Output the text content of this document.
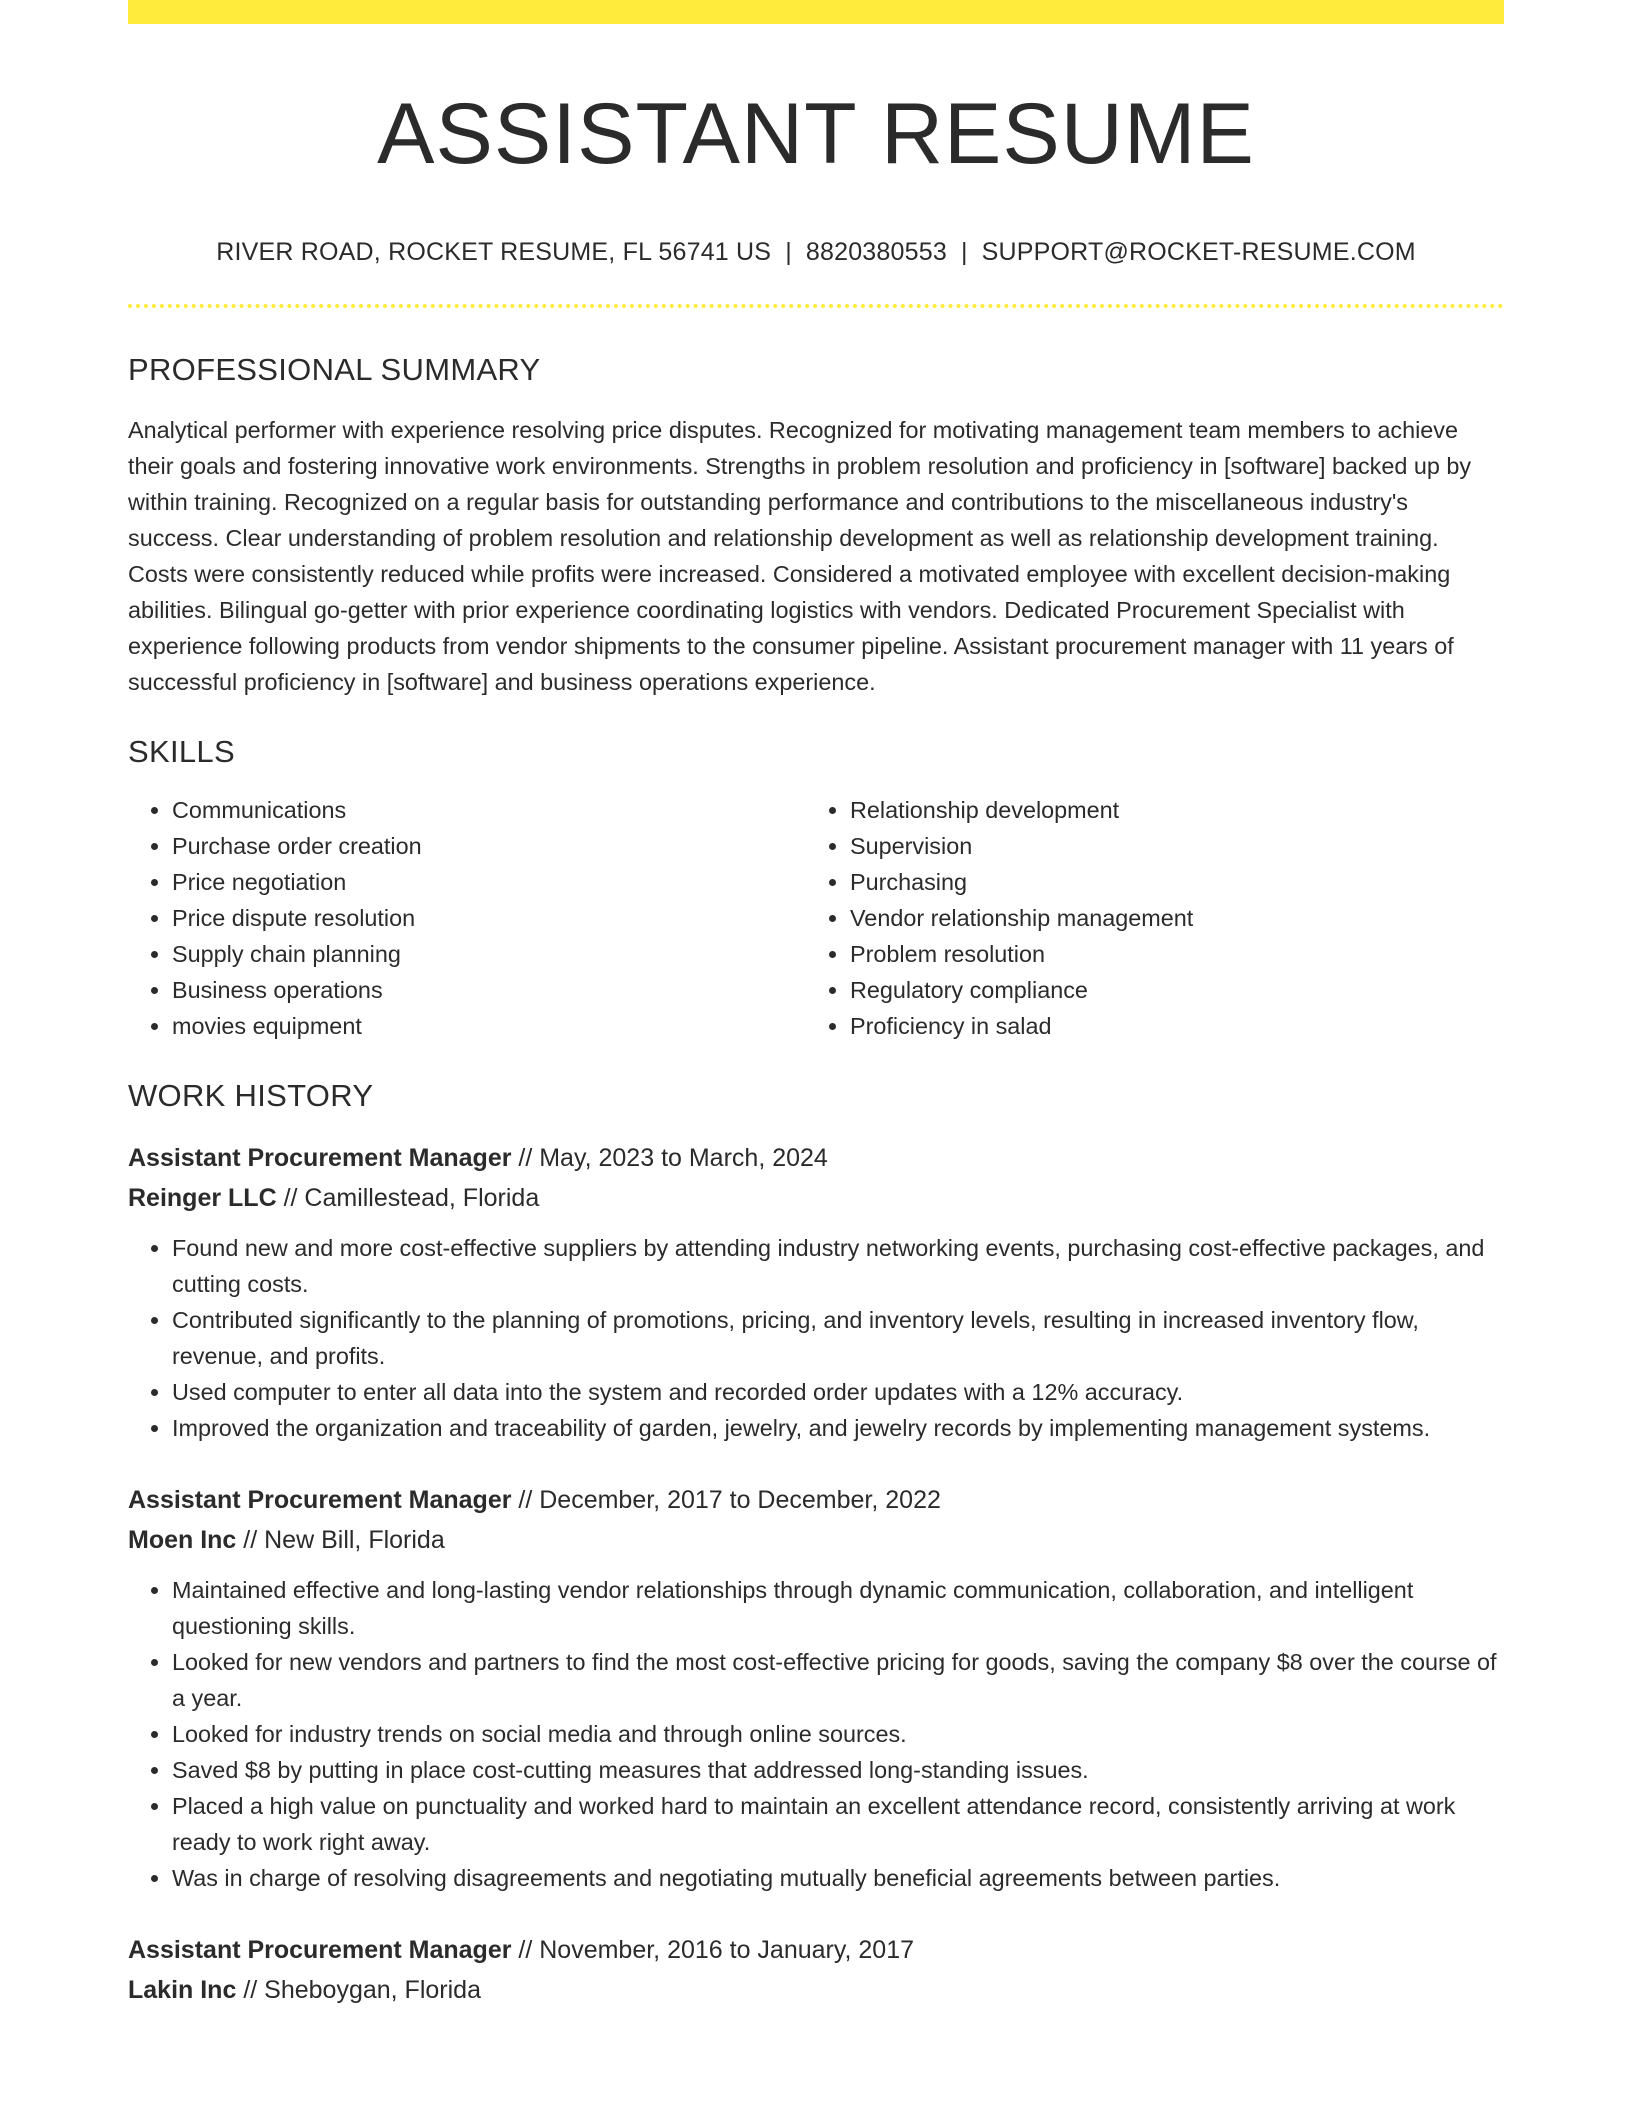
ASSISTANT RESUME
RIVER ROAD, ROCKET RESUME, FL 56741 US | 8820380553 | SUPPORT@ROCKET-RESUME.COM
PROFESSIONAL SUMMARY

Analytical performer with experience resolving price disputes. Recognized for motivating management team members to achieve their goals and fostering innovative work environments. Strengths in problem resolution and proficiency in [software] backed up by within training. Recognized on a regular basis for outstanding performance and contributions to the miscellaneous industry's success. Clear understanding of problem resolution and relationship development as well as relationship development training. Costs were consistently reduced while profits were increased. Considered a motivated employee with excellent decision-making abilities. Bilingual go-getter with prior experience coordinating logistics with vendors. Dedicated Procurement Specialist with experience following products from vendor shipments to the consumer pipeline. Assistant procurement manager with 11 years of successful proficiency in [software] and business operations experience.

SKILLS
• Communications
• Purchase order creation
• Price negotiation
• Price dispute resolution
• Supply chain planning
• Business operations
• movies equipment
• Relationship development
• Supervision
• Purchasing
• Vendor relationship management
• Problem resolution
• Regulatory compliance
• Proficiency in salad
WORK HISTORY
Assistant Procurement Manager // May, 2023 to March, 2024
Reinger LLC // Camillestead, Florida
• Found new and more cost-effective suppliers by attending industry networking events, purchasing cost-effective packages, and cutting costs.
• Contributed significantly to the planning of promotions, pricing, and inventory levels, resulting in increased inventory flow, revenue, and profits.
• Used computer to enter all data into the system and recorded order updates with a 12% accuracy.
• Improved the organization and traceability of garden, jewelry, and jewelry records by implementing management systems.
Assistant Procurement Manager // December, 2017 to December, 2022
Moen Inc // New Bill, Florida
• Maintained effective and long-lasting vendor relationships through dynamic communication, collaboration, and intelligent questioning skills.
• Looked for new vendors and partners to find the most cost-effective pricing for goods, saving the company $8 over the course of a year.
• Looked for industry trends on social media and through online sources.
• Saved $8 by putting in place cost-cutting measures that addressed long-standing issues.
• Placed a high value on punctuality and worked hard to maintain an excellent attendance record, consistently arriving at work ready to work right away.
• Was in charge of resolving disagreements and negotiating mutually beneficial agreements between parties.
Assistant Procurement Manager // November, 2016 to January, 2017
Lakin Inc // Sheboygan, Florida
